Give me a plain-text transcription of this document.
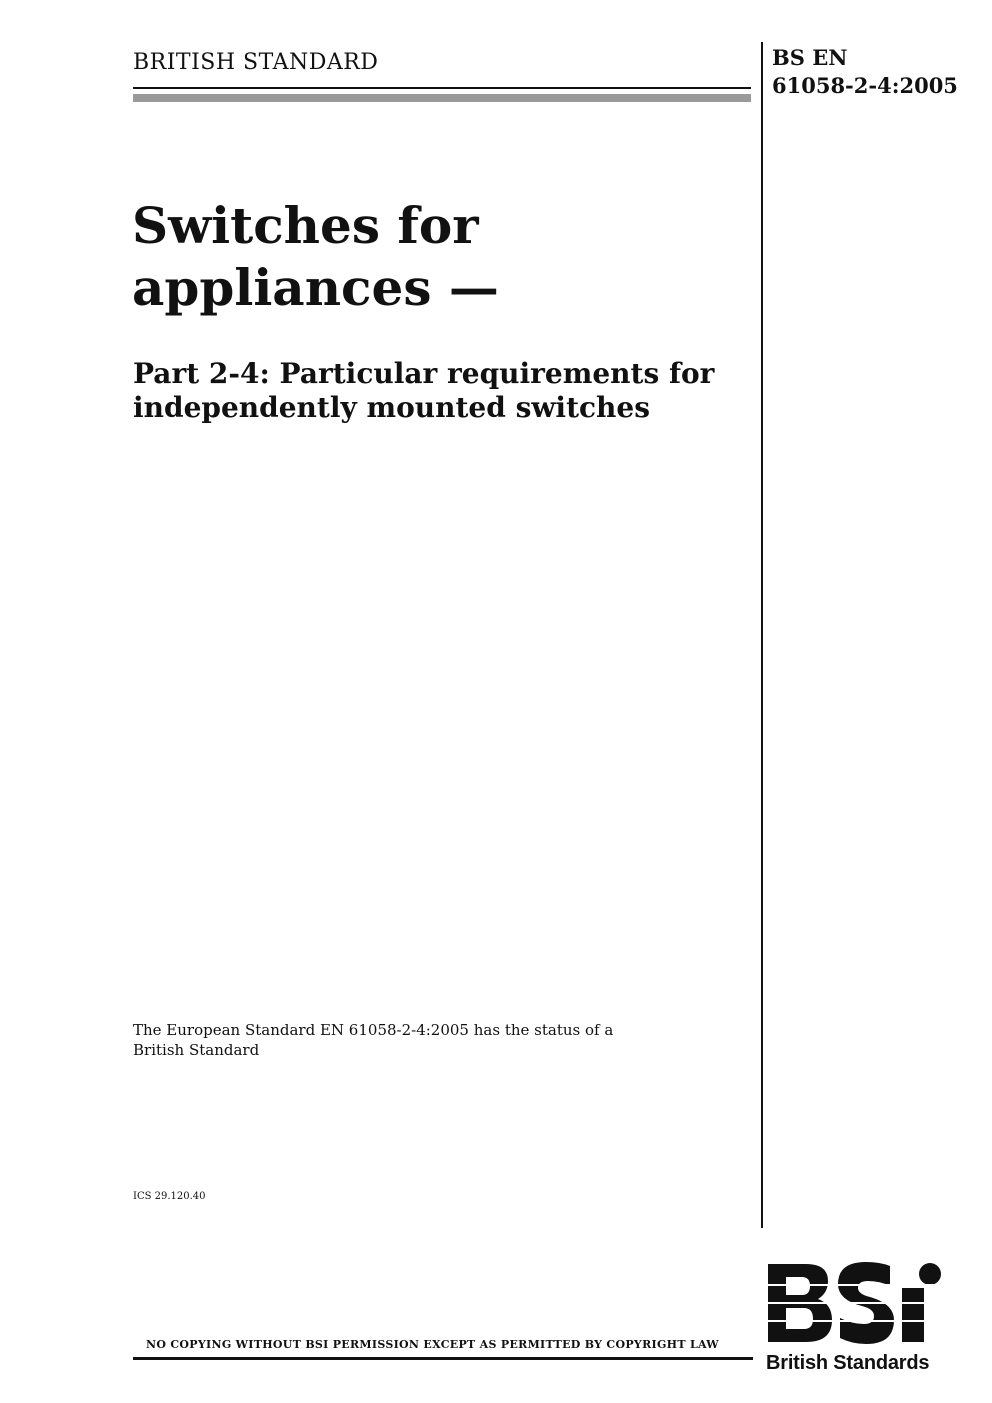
BRITISH STANDARD	BS EN
61058-2-4:2005
Switches for
appliances —
Part 2-4: Particular requirements for
independently mounted switches
The European Standard EN 61058-2-4:2005 has the status of a
British Standard
ICS 29.120.40
NO COPYING WITHOUT BSI PERMISSION EXCEPT AS PERMITTED BY COPYRIGHT LAW
British Standards
